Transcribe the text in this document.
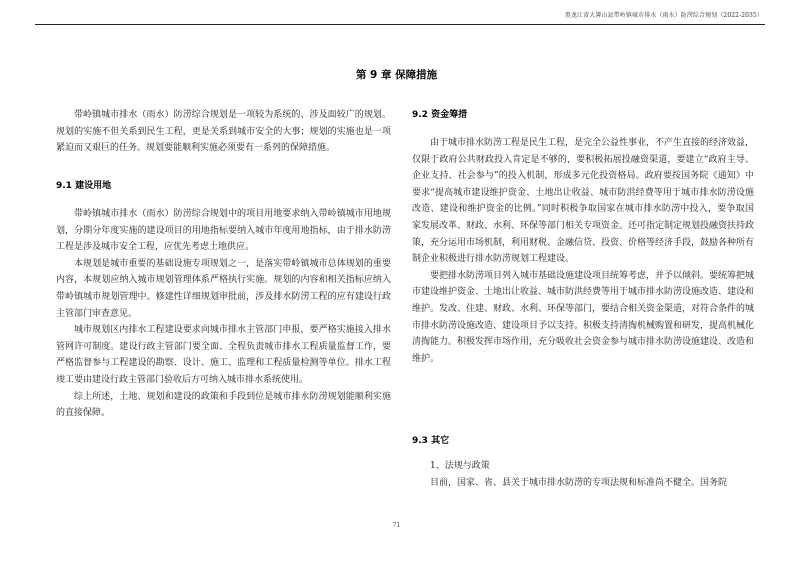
黑龙江省大箐山县带岭镇城市排水（雨水）防涝综合规划（2022-2035）
第 9 章 保障措施

带岭镇城市排水（雨水）防涝综合规划是一项较为系统的、涉及面较广的规划。规划的实施不但关系到民生工程，更是关系到城市安全的大事；规划的实施也是一项紧迫而又艰巨的任务。规划要能顺利实施必须要有一系列的保障措施。

9.1 建设用地

带岭镇城市排水（雨水）防涝综合规划中的项目用地要求纳入带岭镇城市用地规划，分期分年度实施的建设项目的用地指标要纳入城市年度用地指标，由于排水防涝工程是涉及城市安全工程，应优先考虑土地供应。

本规划是城市重要的基础设施专项规划之一，是落实带岭镇城市总体规划的重要内容，本规划应纳入城市规划管理体系严格执行实施。规划的内容和相关指标应纳入带岭镇城市规划管理中。修建性详细规划审批前，涉及排水防涝工程的应有建设行政主管部门审查意见。

城市规划区内排水工程建设要求向城市排水主管部门申报，要严格实施接入排水管网许可制度。建设行政主管部门要全面、全程负责城市排水工程质量监督工作，要严格监督参与工程建设的勘察、设计、施工、监理和工程质量检测等单位。排水工程竣工要由建设行政主管部门验收后方可纳入城市排水系统使用。

综上所述，土地、规划和建设的政策和手段到位是城市排水防涝规划能顺利实施的直接保障。

9.2 资金筹措

由于城市排水防涝工程是民生工程，是完全公益性事业，不产生直接的经济效益，仅限于政府公共财政投入肯定是不够的，要积极拓展投融资渠道，要建立“政府主导、企业支持、社会参与”的投入机制，形成多元化投资格局。政府要按国务院《通知》中要求“提高城市建设维护资金、土地出让收益、城市防洪经费等用于城市排水防涝设施改造、建设和维护资金的比例。”同时积极争取国家在城市排水防涝中投入，要争取国家发展改革、财政、水利、环保等部门相关专项资金。还可指定制定规划投融资扶持政策，充分运用市场机制，利用财税、金融信贷、投资、价格等经济手段，鼓励各种所有制企业积极进行排水防涝规划工程建设。

要把排水防涝项目列入城市基础设施建设项目统筹考虑，并予以倾斜。要统筹把城市建设维护资金、土地出让收益、城市防洪经费等用于城市排水防涝设施改造、建设和维护。发改、住建、财政、水利、环保等部门，要结合相关资金渠道，对符合条件的城市排水防涝设施改造、建设项目予以支持。积极支持清掏机械购置和研发，提高机械化清掏能力。积极发挥市场作用，充分吸收社会资金参与城市排水防涝设施建设、改造和维护。

9.3 其它

1、法规与政策

目前，国家、省、县关于城市排水防涝的专项法规和标准尚不健全。国务院

71
